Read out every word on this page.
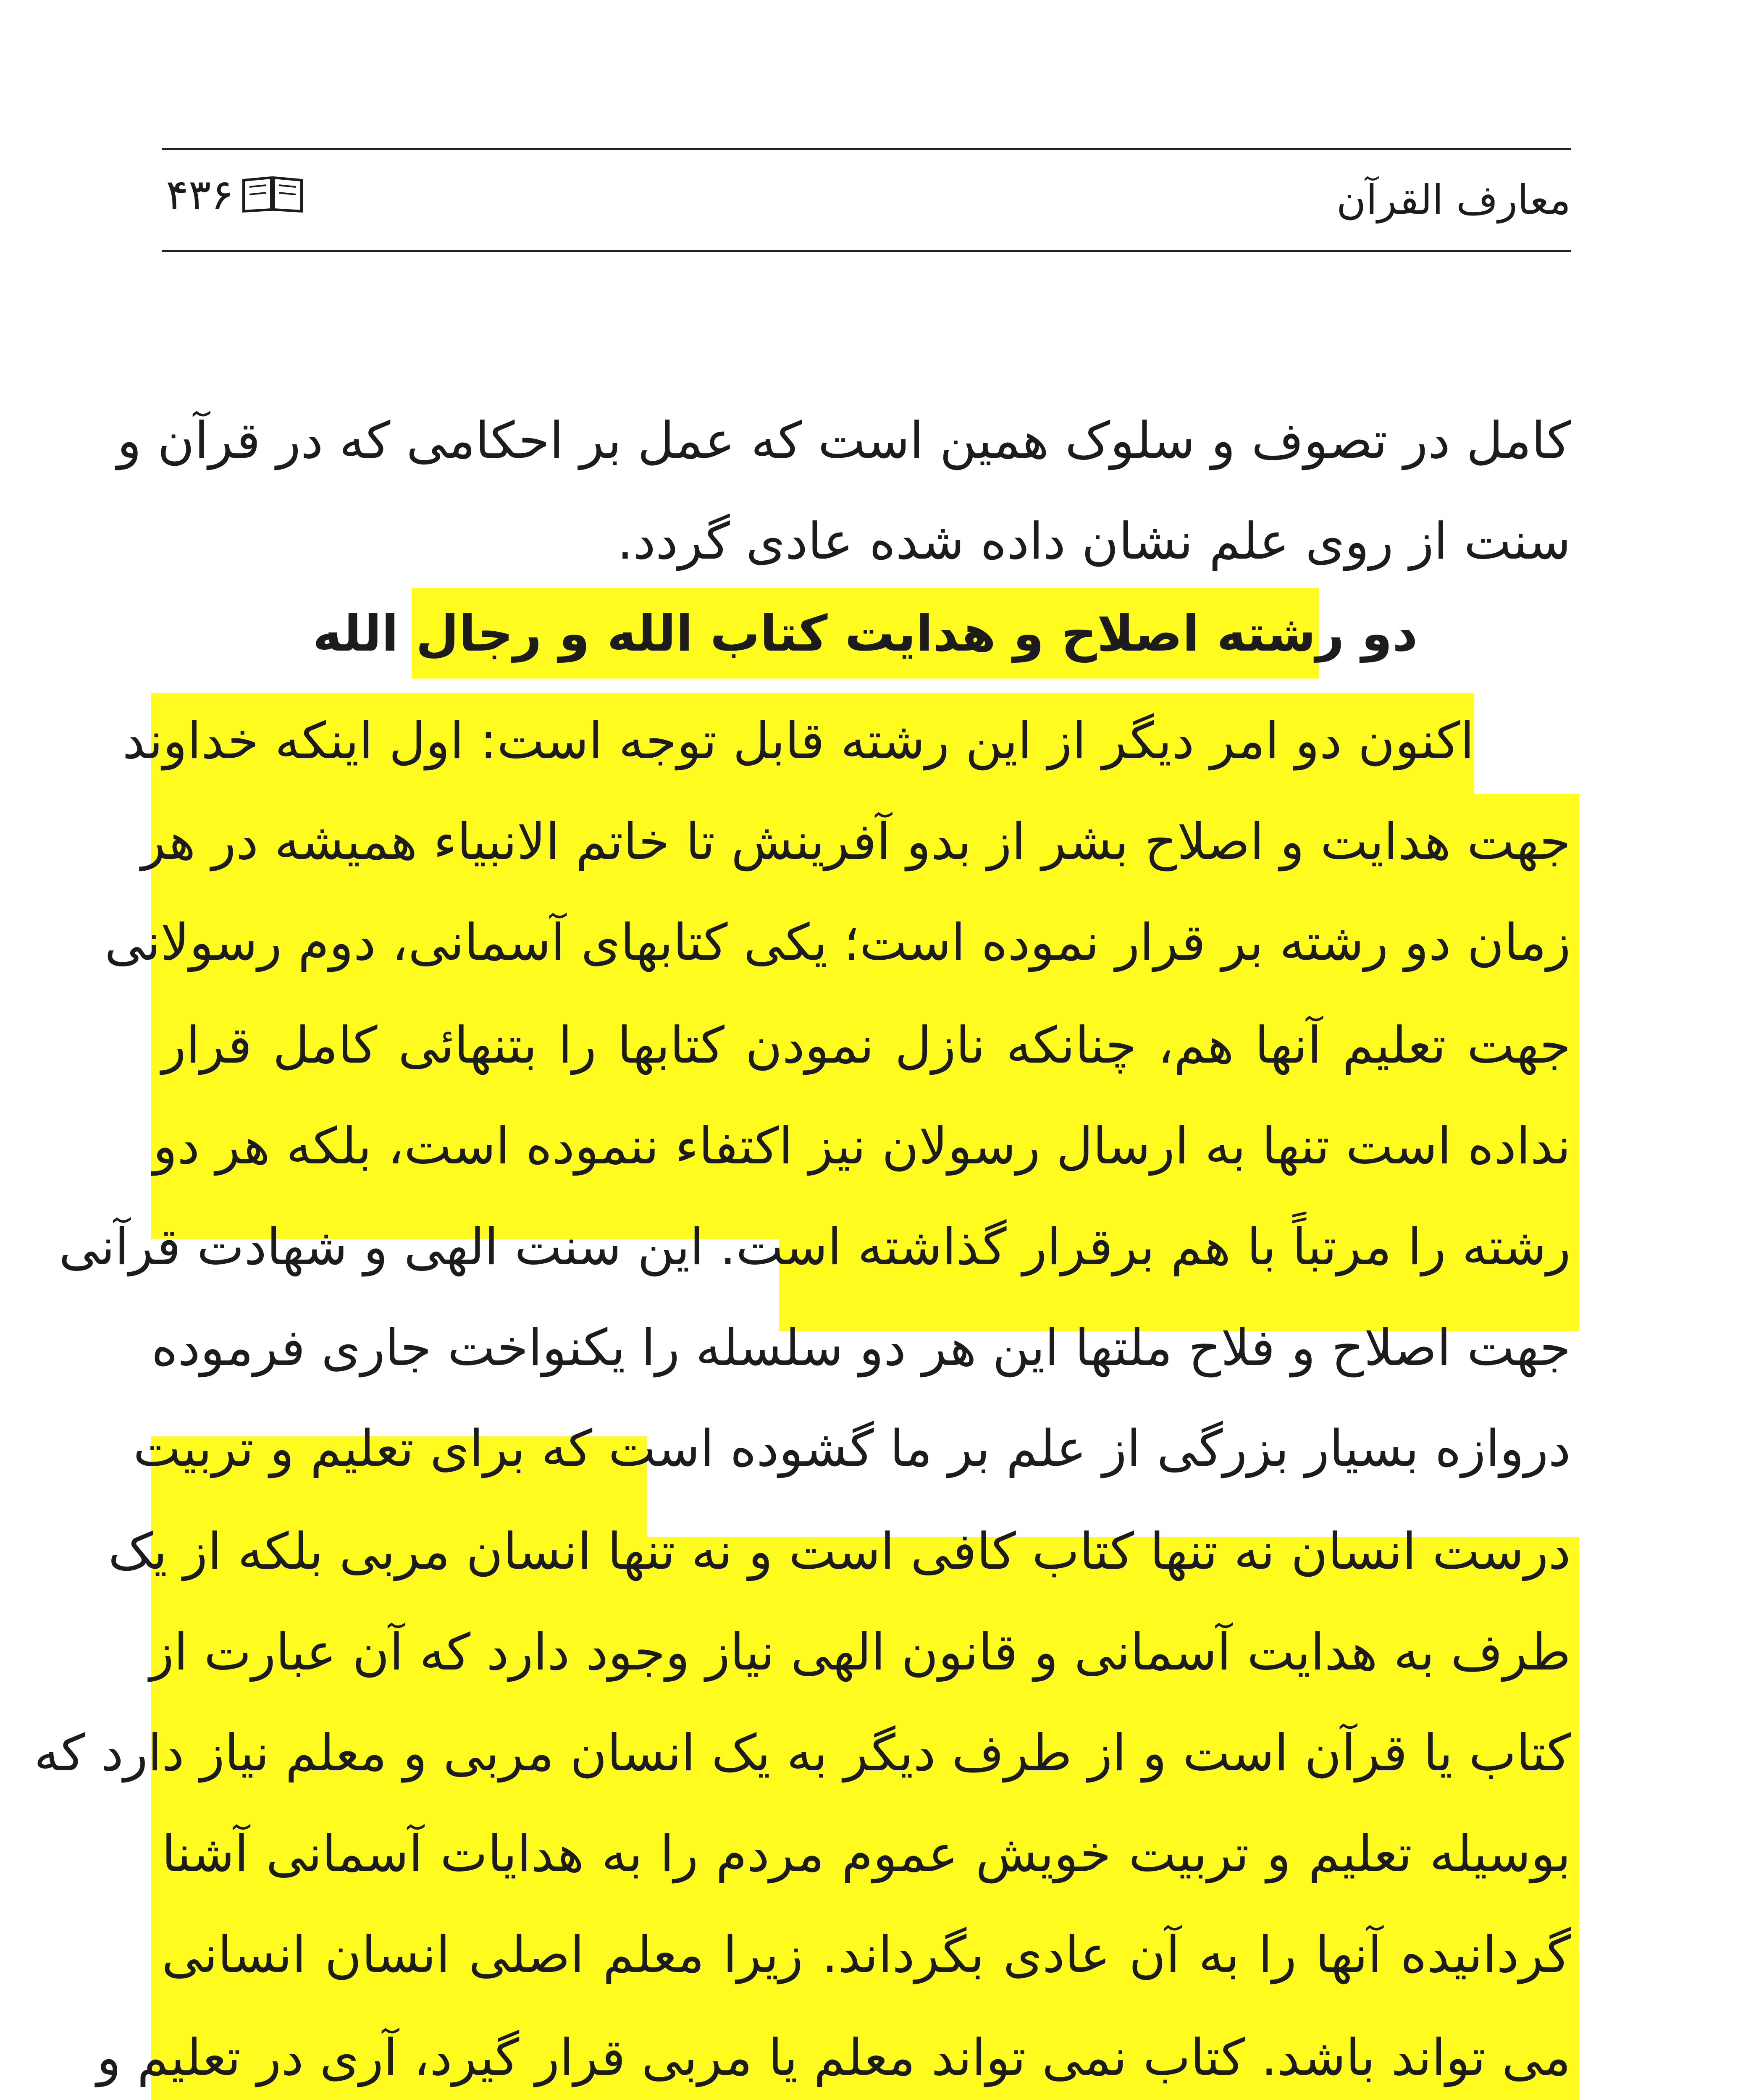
معارف القرآن
۴۳۶
دو رشته اصلاح و هدایت کتاب الله و رجال الله
کامل در تصوف و سلوک همین است که عمل بر احکامی که در قرآن و
سنت از روی علم نشان داده شده عادی گردد.
اکنون دو امر دیگر از این رشته قابل توجه است: اول اینکه خداوند
جهت هدایت و اصلاح بشر از بدو آفرینش تا خاتم الانبیاء همیشه در هر
زمان دو رشته بر قرار نموده است؛ یکی کتابهای آسمانی، دوم رسولانی
جهت تعلیم آنها هم، چنانکه نازل نمودن کتابها را بتنهائی کامل قرار
نداده است تنها به ارسال رسولان نیز اکتفاء ننموده است، بلکه هر دو
رشته را مرتباً با هم برقرار گذاشته است. این سنت الهی و شهادت قرآنی
جهت اصلاح و فلاح ملتها این هر دو سلسله را یکنواخت جاری فرموده
دروازه بسیار بزرگی از علم بر ما گشوده است که برای تعلیم و تربیت
درست انسان نه تنها کتاب کافی است و نه تنها انسان مربی بلکه از یک
طرف به هدایت آسمانی و قانون الهی نیاز وجود دارد که آن عبارت از
کتاب یا قرآن است و از طرف دیگر به یک انسان مربی و معلم نیاز دارد که
بوسیله تعلیم و تربیت خویش عموم مردم را به هدایات آسمانی آشنا
گردانیده آنها را به آن عادی بگرداند. زیرا معلم اصلی انسان انسانی
می تواند باشد. کتاب نمی تواند معلم یا مربی قرار گیرد، آری در تعلیم و
